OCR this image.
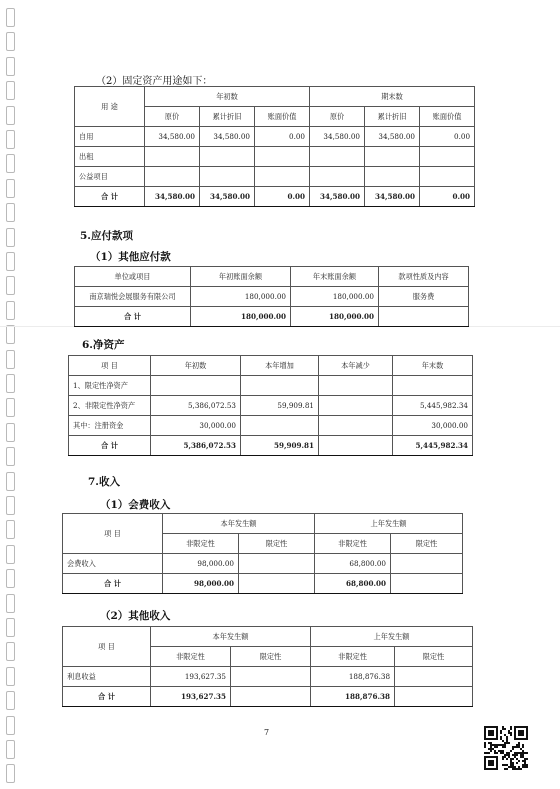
（2）固定资产用途如下：
用 途	年初数			期末数		
	原价	累计折旧	账面价值	原价	累计折旧	账面价值
自用	34,580.00	34,580.00	0.00	34,580.00	34,580.00	0.00
出租						
公益项目						
合 计	34,580.00	34,580.00	0.00	34,580.00	34,580.00	0.00
5.应付款项
（1）其他应付款
单位或项目	年初账面余额	年末账面余额	款项性质及内容
南京瑞悦会展服务有限公司	180,000.00	180,000.00	服务费
合 计	180,000.00	180,000.00	
6.净资产
项 目	年初数	本年增加	本年减少	年末数
1、限定性净资产				
2、非限定性净资产	5,386,072.53	59,909.81		5,445,982.34
其中：注册资金	30,000.00			30,000.00
合 计	5,386,072.53	59,909.81		5,445,982.34
7.收入
（1）会费收入
项 目	本年发生额		上年发生额	
	非限定性	限定性	非限定性	限定性
会费收入	98,000.00		68,800.00	
合 计	98,000.00		68,800.00	
（2）其他收入
项 目	本年发生额		上年发生额	
	非限定性	限定性	非限定性	限定性
利息收益	193,627.35		188,876.38	
合 计	193,627.35		188,876.38	
7
